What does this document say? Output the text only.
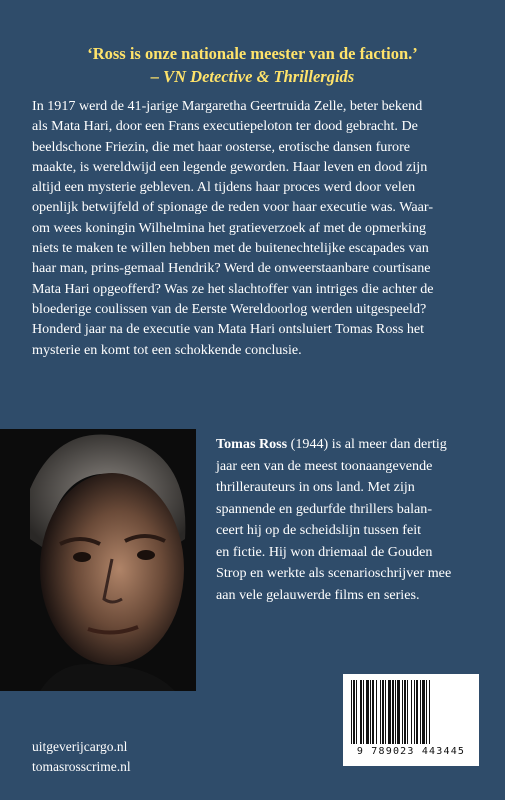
‘Ross is onze nationale meester van de faction.’
– VN Detective & Thrillergids
In 1917 werd de 41-jarige Margaretha Geertruida Zelle, beter bekend
als Mata Hari, door een Frans executiepeloton ter dood gebracht. De
beeldschone Friezin, die met haar oosterse, erotische dansen furore
maakte, is wereldwijd een legende geworden. Haar leven en dood zijn
altijd een mysterie gebleven. Al tijdens haar proces werd door velen
openlijk betwijfeld of spionage de reden voor haar executie was. Waar-
om wees koningin Wilhelmina het gratieverzoek af met de opmerking
niets te maken te willen hebben met de buitenechtelijke escapades van
haar man, prins-gemaal Hendrik? Werd de onweerstaanbare courtisane
Mata Hari opgeofferd? Was ze het slachtoffer van intriges die achter de
bloederige coulissen van de Eerste Wereldoorlog werden uitgespeeld?
Honderd jaar na de executie van Mata Hari ontsluiert Tomas Ross het
mysterie en komt tot een schokkende conclusie.
Tomas Ross (1944) is al meer dan dertig
jaar een van de meest toonaangevende
thrillerauteurs in ons land. Met zijn
spannende en gedurfde thrillers balan-
ceert hij op de scheidslijn tussen feit
en fictie. Hij won driemaal de Gouden
Strop en werkte als scenarioschrijver mee
aan vele gelauwerde films en series.
9 789023 443445
uitgeverijcargo.nl
tomasrosscrime.nl
